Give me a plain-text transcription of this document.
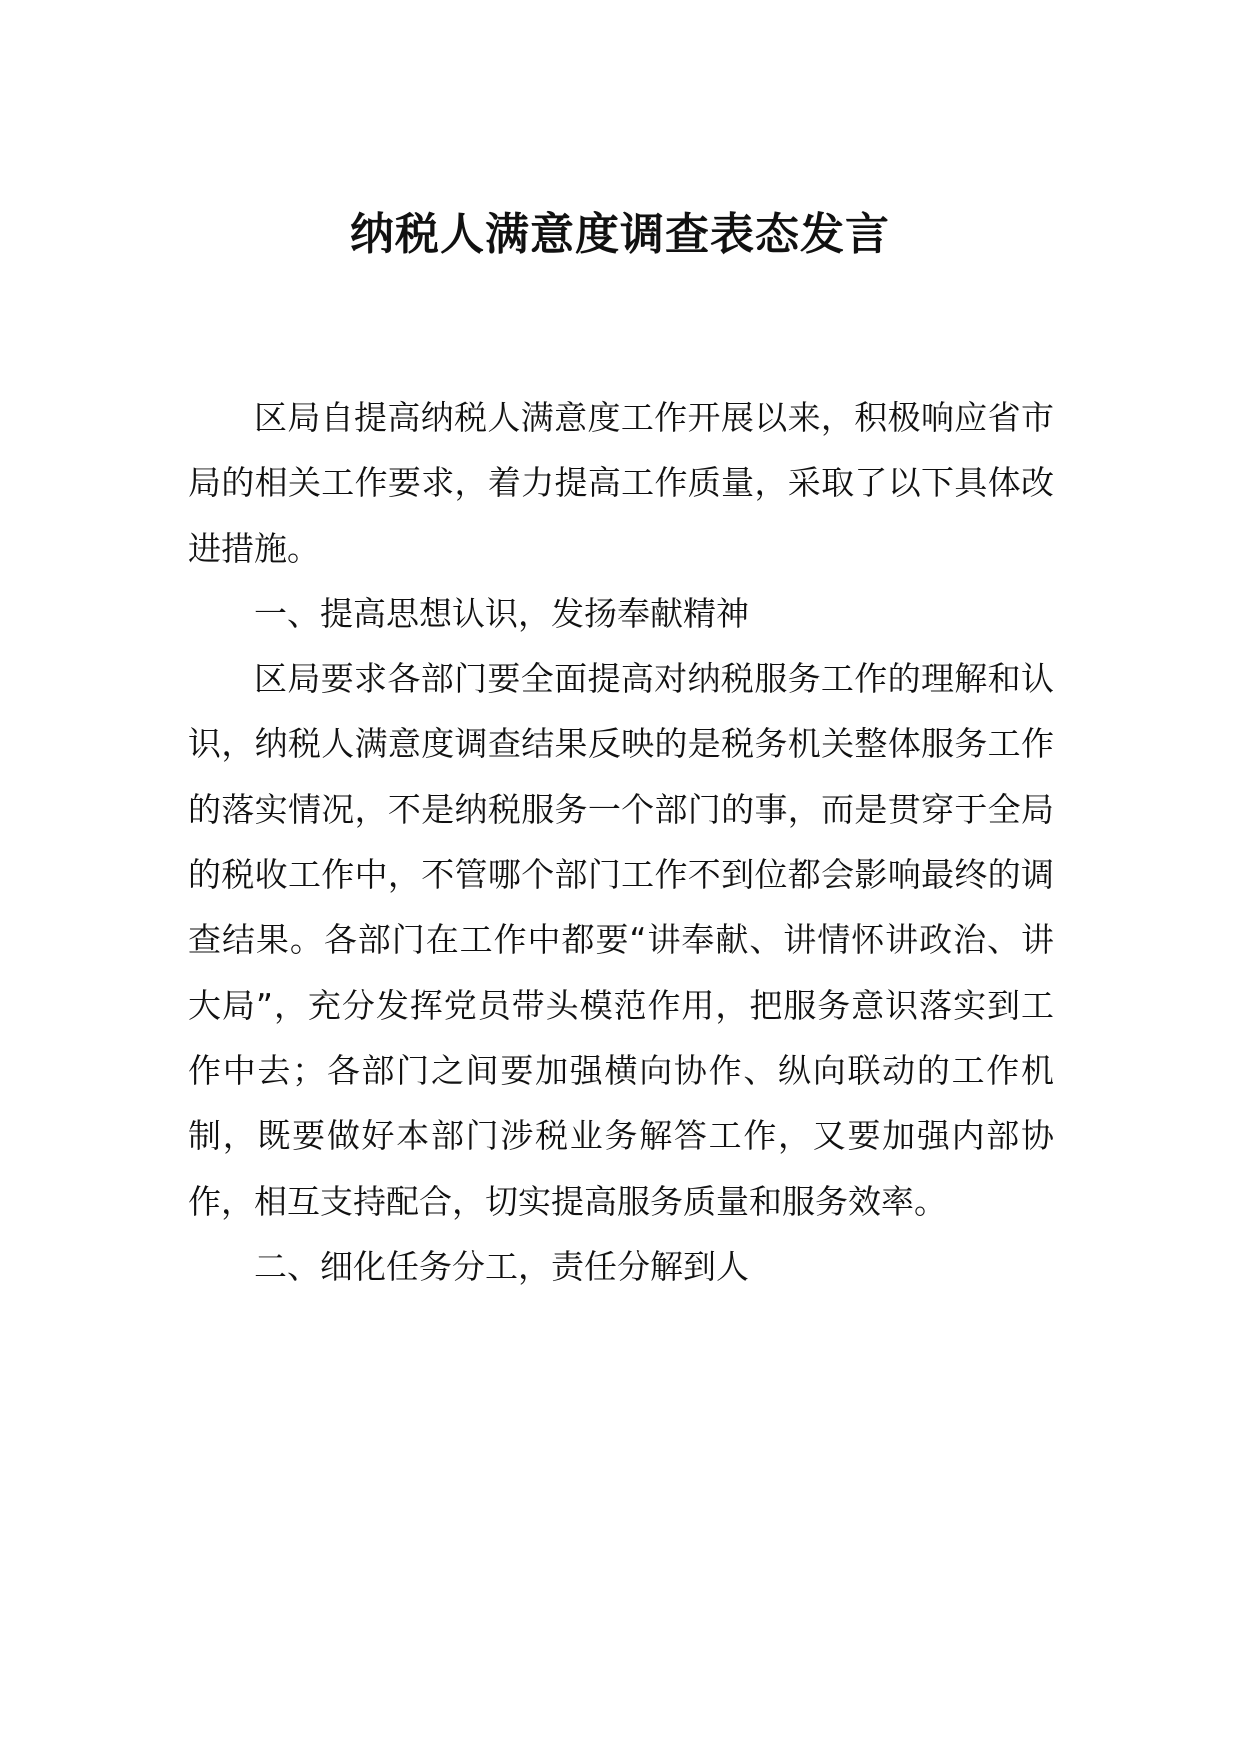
纳税人满意度调查表态发言

区局自提高纳税人满意度工作开展以来，积极响应省市局的相关工作要求，着力提高工作质量，采取了以下具体改进措施。

一、提高思想认识，发扬奉献精神

区局要求各部门要全面提高对纳税服务工作的理解和认识，纳税人满意度调查结果反映的是税务机关整体服务工作的落实情况，不是纳税服务一个部门的事，而是贯穿于全局的税收工作中，不管哪个部门工作不到位都会影响最终的调查结果。各部门在工作中都要“讲奉献、讲情怀讲政治、讲大局”，充分发挥党员带头模范作用，把服务意识落实到工作中去；各部门之间要加强横向协作、纵向联动的工作机制，既要做好本部门涉税业务解答工作，又要加强内部协作，相互支持配合，切实提高服务质量和服务效率。

二、细化任务分工，责任分解到人
